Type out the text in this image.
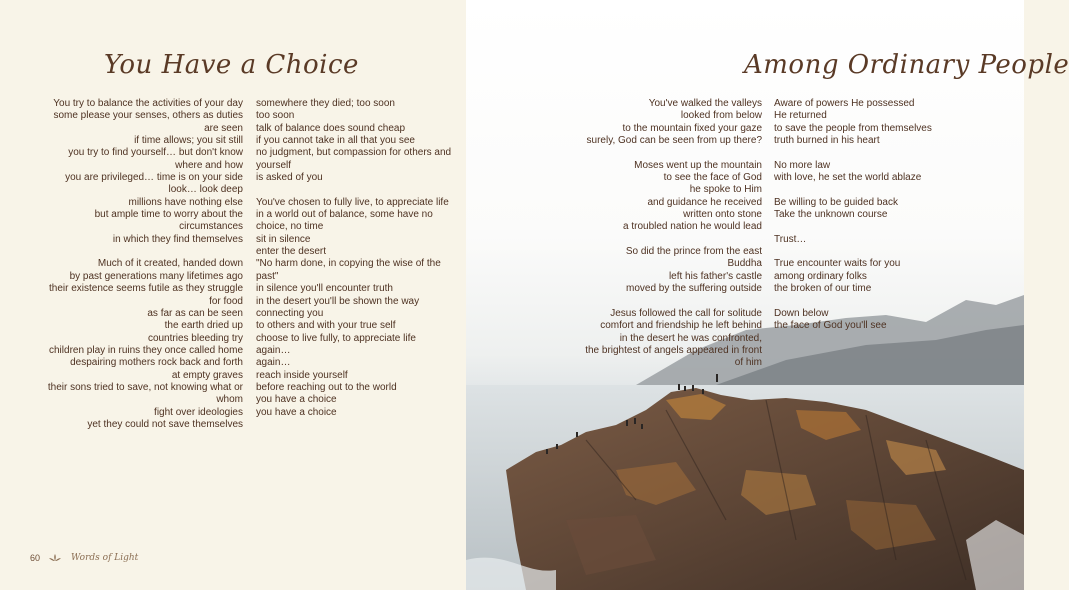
You Have a Choice	Among Ordinary People
You try to balance the activities of your day
some please your senses, others as duties
are seen
if time allows; you sit still
you try to find yourself… but don't know
where and how
you are privileged… time is on your side
look… look deep
millions have nothing else
but ample time to worry about the
circumstances
in which they find themselves

Much of it created, handed down
by past generations many lifetimes ago
their existence seems futile as they struggle
for food
as far as can be seen
the earth dried up
countries bleeding try
children play in ruins they once called home
despairing mothers rock back and forth
at empty graves
their sons tried to save, not knowing what or
whom
fight over ideologies
yet they could not save themselves
somewhere they died; too soon
too soon
talk of balance does sound cheap
if you cannot take in all that you see
no judgment, but compassion for others and
yourself
is asked of you

You've chosen to fully live, to appreciate life
in a world out of balance, some have no
choice, no time
sit in silence
enter the desert
"No harm done, in copying the wise of the
past"
in silence you'll encounter truth
in the desert you'll be shown the way
connecting you
to others and with your true self
choose to live fully, to appreciate life
again…
again…
reach inside yourself
before reaching out to the world
you have a choice
you have a choice
You've walked the valleys
looked from below
to the mountain fixed your gaze
surely, God can be seen from up there?

Moses went up the mountain
to see the face of God
he spoke to Him
and guidance he received
written onto stone
a troubled nation he would lead

So did the prince from the east
Buddha
left his father's castle
moved by the suffering outside

Jesus followed the call for solitude
comfort and friendship he left behind
in the desert he was confronted,
the brightest of angels appeared in front
of him
Aware of powers He possessed
He returned
to save the people from themselves
truth burned in his heart

No more law
with love, he set the world ablaze

Be willing to be guided back
Take the unknown course

Trust…

True encounter waits for you
among ordinary folks
the broken of our time

Down below
the face of God you'll see
60	Words of Light
